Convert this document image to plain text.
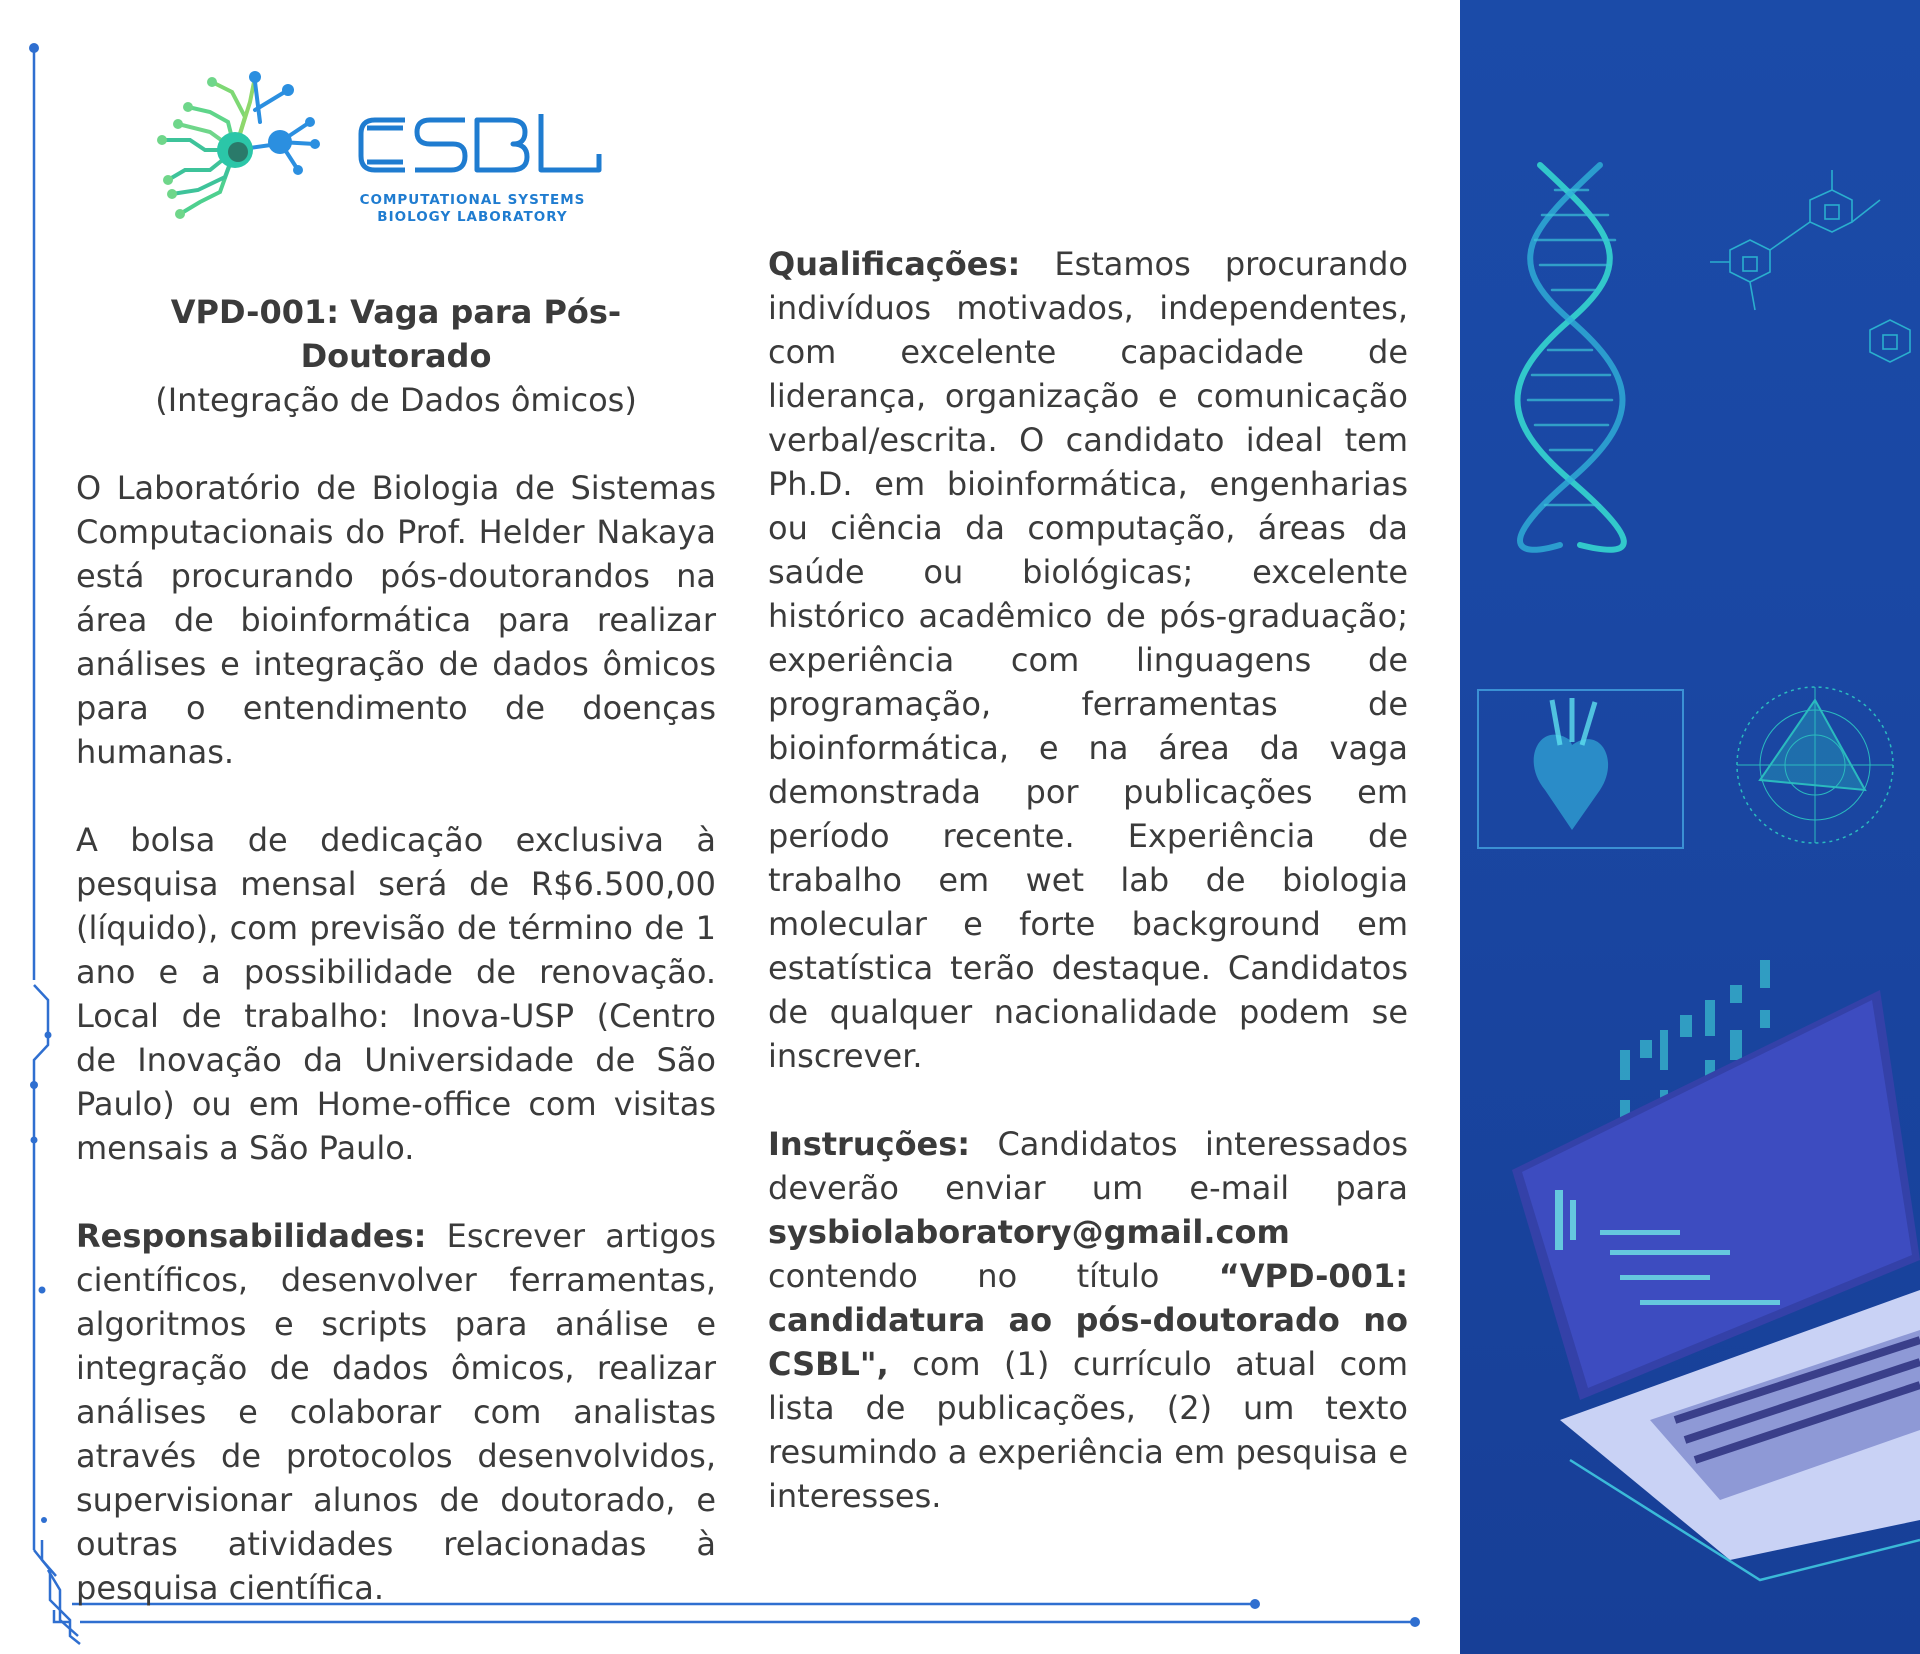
COMPUTATIONAL SYSTEMS
BIOLOGY LABORATORY
VPD-001: Vaga para Pós-Doutorado
(Integração de Dados ômicos)

O Laboratório de Biologia de Sistemas Computacionais do Prof. Helder Nakaya está procurando pós-doutorandos na área de bioinformática para realizar análises e integração de dados ômicos para o entendimento de doenças humanas.

A bolsa de dedicação exclusiva à pesquisa mensal será de R$6.500,00 (líquido), com previsão de término de 1 ano e a possibilidade de renovação. Local de trabalho: Inova-USP (Centro de Inovação da Universidade de São Paulo) ou em Home-office com visitas mensais a São Paulo.

Responsabilidades: Escrever artigos científicos, desenvolver ferramentas, algoritmos e scripts para análise e integração de dados ômicos, realizar análises e colaborar com analistas através de protocolos desenvolvidos, supervisionar alunos de doutorado, e outras atividades relacionadas à pesquisa científica.

Qualificações: Estamos procurando indivíduos motivados, independentes, com excelente capacidade de liderança, organização e comunicação verbal/escrita. O candidato ideal tem Ph.D. em bioinformática, engenharias ou ciência da computação, áreas da saúde ou biológicas; excelente histórico acadêmico de pós-graduação; experiência com linguagens de programação, ferramentas de bioinformática, e na área da vaga demonstrada por publicações em período recente. Experiência de trabalho em wet lab de biologia molecular e forte background em estatística terão destaque. Candidatos de qualquer nacionalidade podem se inscrever.

Instruções: Candidatos interessados deverão enviar um e-mail para sysbiolaboratory@gmail.com contendo no título “VPD-001: candidatura ao pós-doutorado no CSBL", com (1) currículo atual com lista de publicações, (2) um texto resumindo a experiência em pesquisa e interesses.
